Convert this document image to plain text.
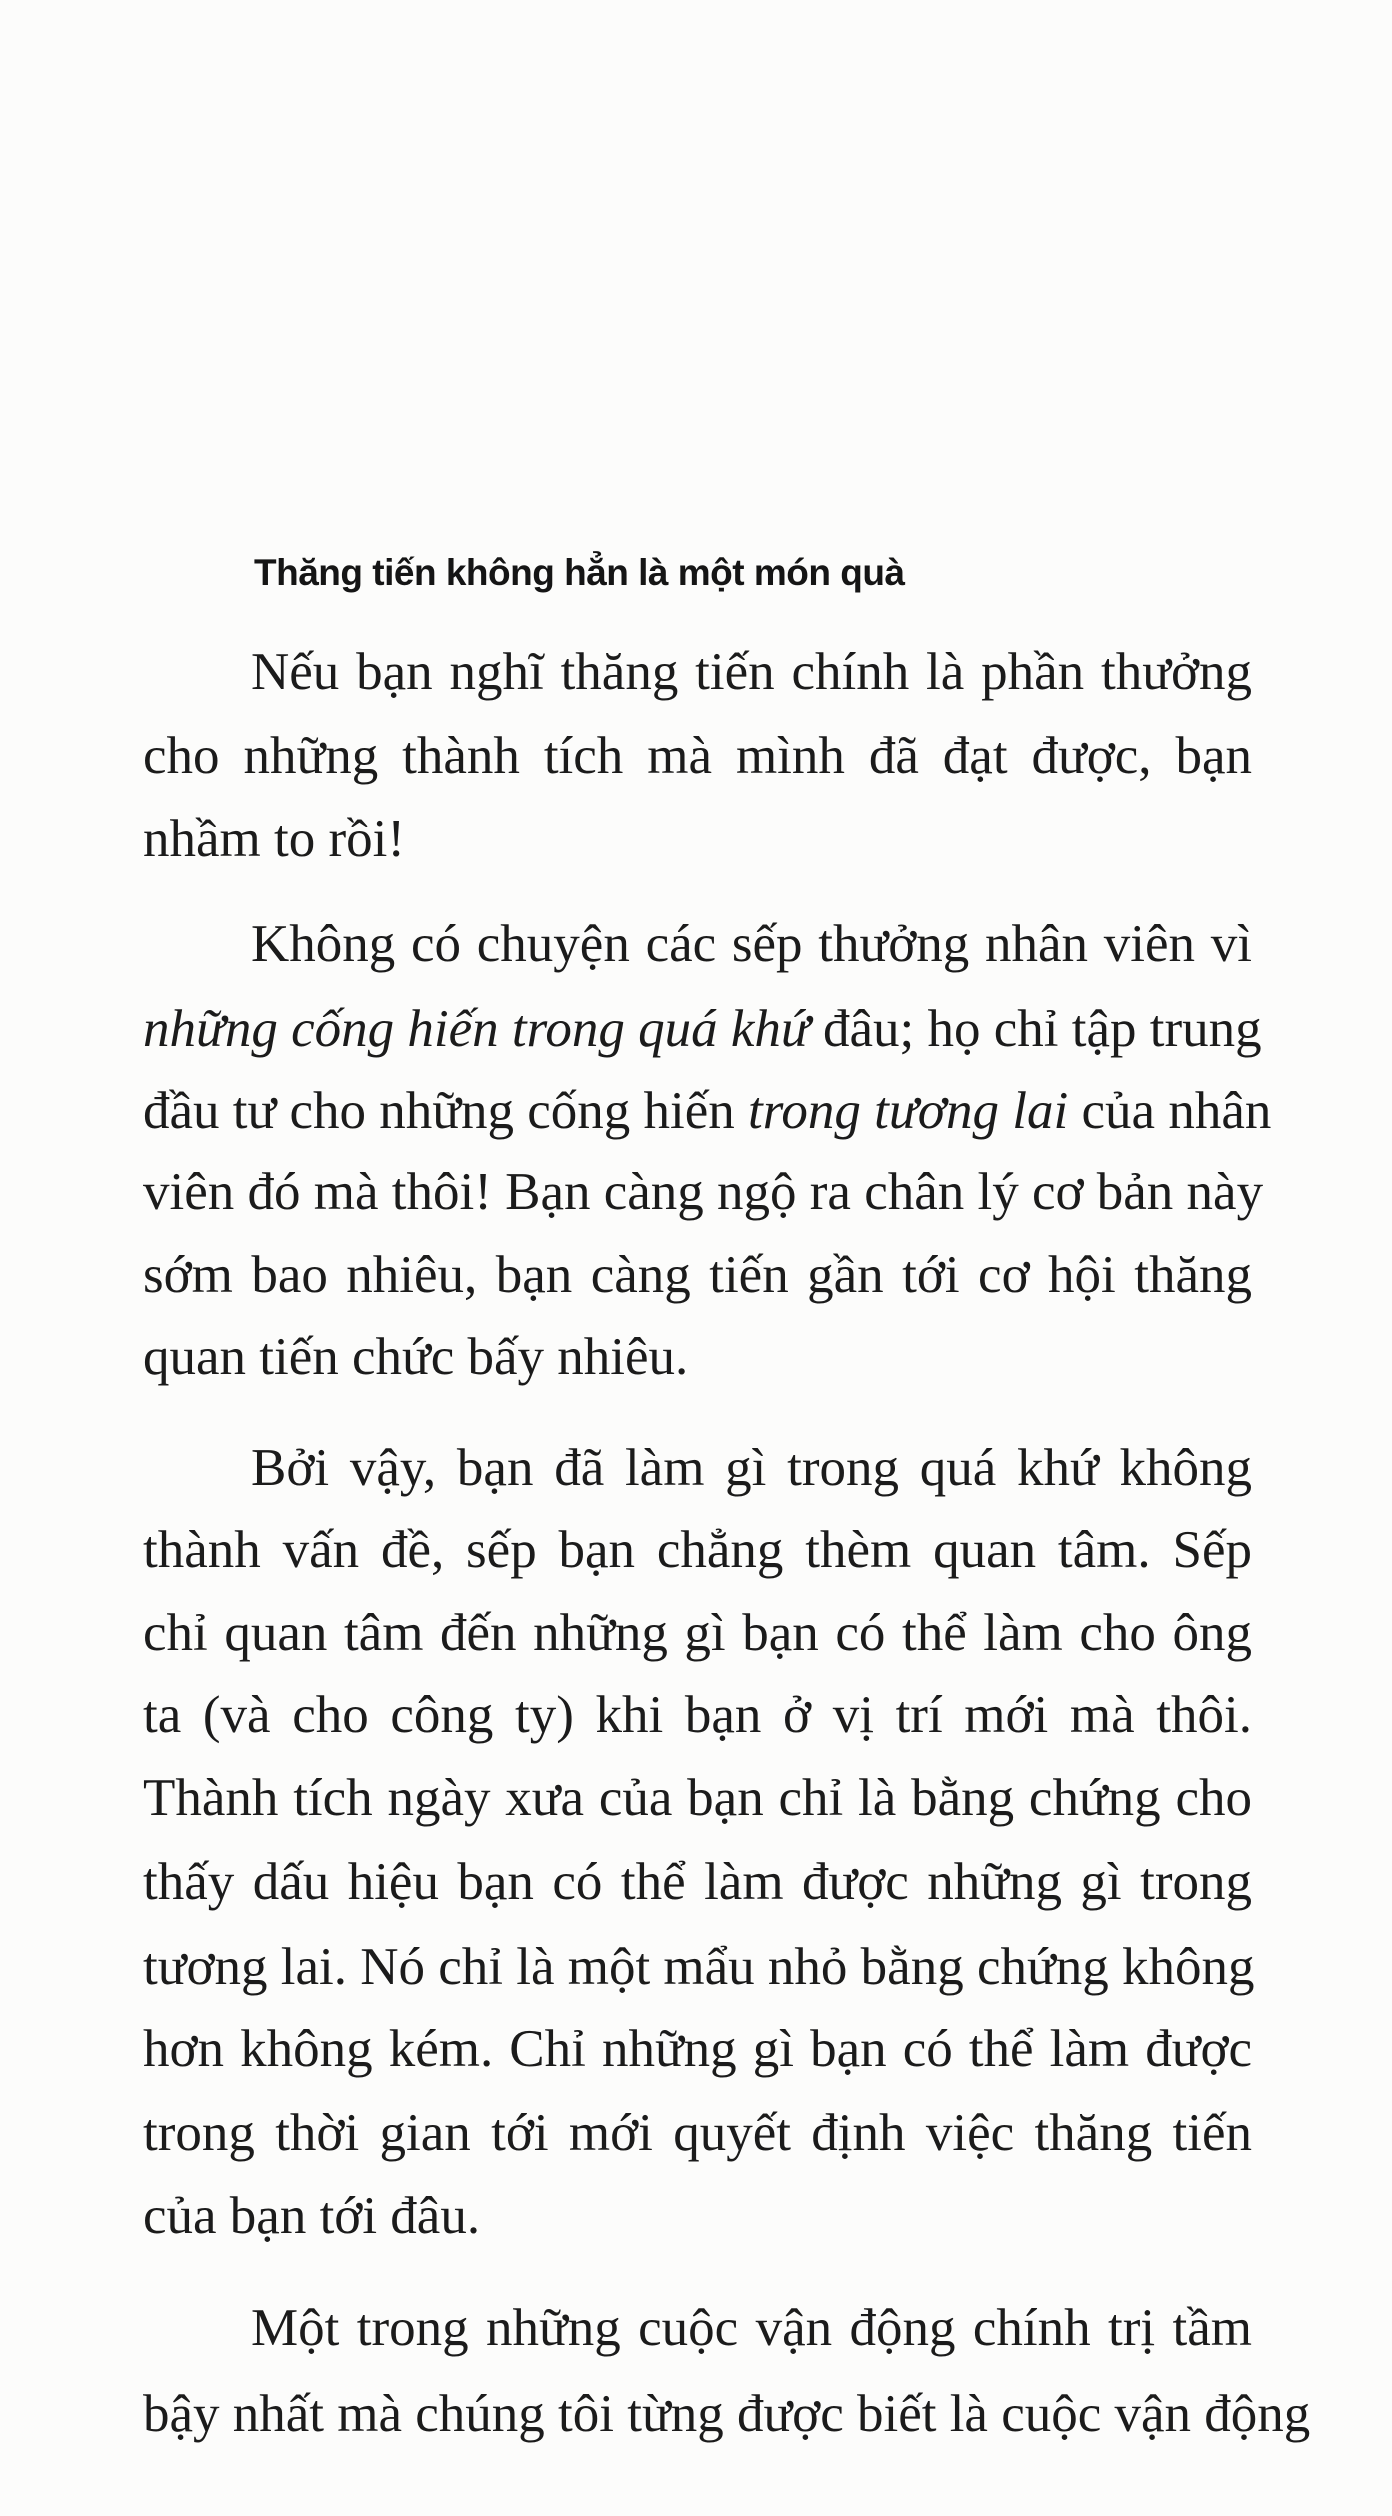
Thăng tiến không hẳn là một món quà
Nếu bạn nghĩ thăng tiến chính là phần thưởng
cho những thành tích mà mình đã đạt được, bạn
nhầm to rồi!
Không có chuyện các sếp thưởng nhân viên vì
những cống hiến trong quá khứ đâu; họ chỉ tập trung
đầu tư cho những cống hiến trong tương lai của nhân
viên đó mà thôi! Bạn càng ngộ ra chân lý cơ bản này
sớm bao nhiêu, bạn càng tiến gần tới cơ hội thăng
quan tiến chức bấy nhiêu.
Bởi vậy, bạn đã làm gì trong quá khứ không
thành vấn đề, sếp bạn chẳng thèm quan tâm. Sếp
chỉ quan tâm đến những gì bạn có thể làm cho ông
ta (và cho công ty) khi bạn ở vị trí mới mà thôi.
Thành tích ngày xưa của bạn chỉ là bằng chứng cho
thấy dấu hiệu bạn có thể làm được những gì trong
tương lai. Nó chỉ là một mẩu nhỏ bằng chứng không
hơn không kém. Chỉ những gì bạn có thể làm được
trong thời gian tới mới quyết định việc thăng tiến
của bạn tới đâu.
Một trong những cuộc vận động chính trị tầm
bậy nhất mà chúng tôi từng được biết là cuộc vận động
